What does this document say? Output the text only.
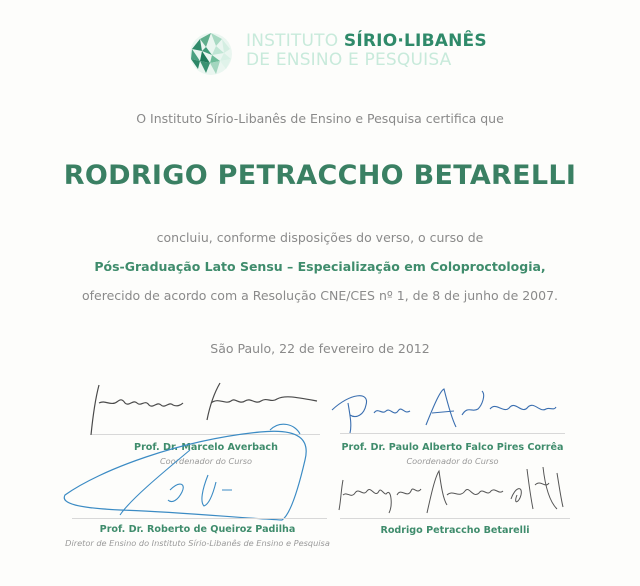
INSTITUTO SÍRIO·LIBANÊS
DE ENSINO E PESQUISA
O Instituto Sírio-Libanês de Ensino e Pesquisa certifica que
RODRIGO PETRACCHO BETARELLI
concluiu, conforme disposições do verso, o curso de
Pós-Graduação Lato Sensu – Especialização em Coloproctologia,
oferecido de acordo com a Resolução CNE/CES nº 1, de 8 de junho de 2007.
São Paulo, 22 de fevereiro de 2012
Prof. Dr. Marcelo Averbach
Coordenador do Curso
Prof. Dr. Paulo Alberto Falco Pires Corrêa
Coordenador do Curso
Prof. Dr. Roberto de Queiroz Padilha
Diretor de Ensino do Instituto Sírio-Libanês de Ensino e Pesquisa
Rodrigo Petraccho Betarelli
